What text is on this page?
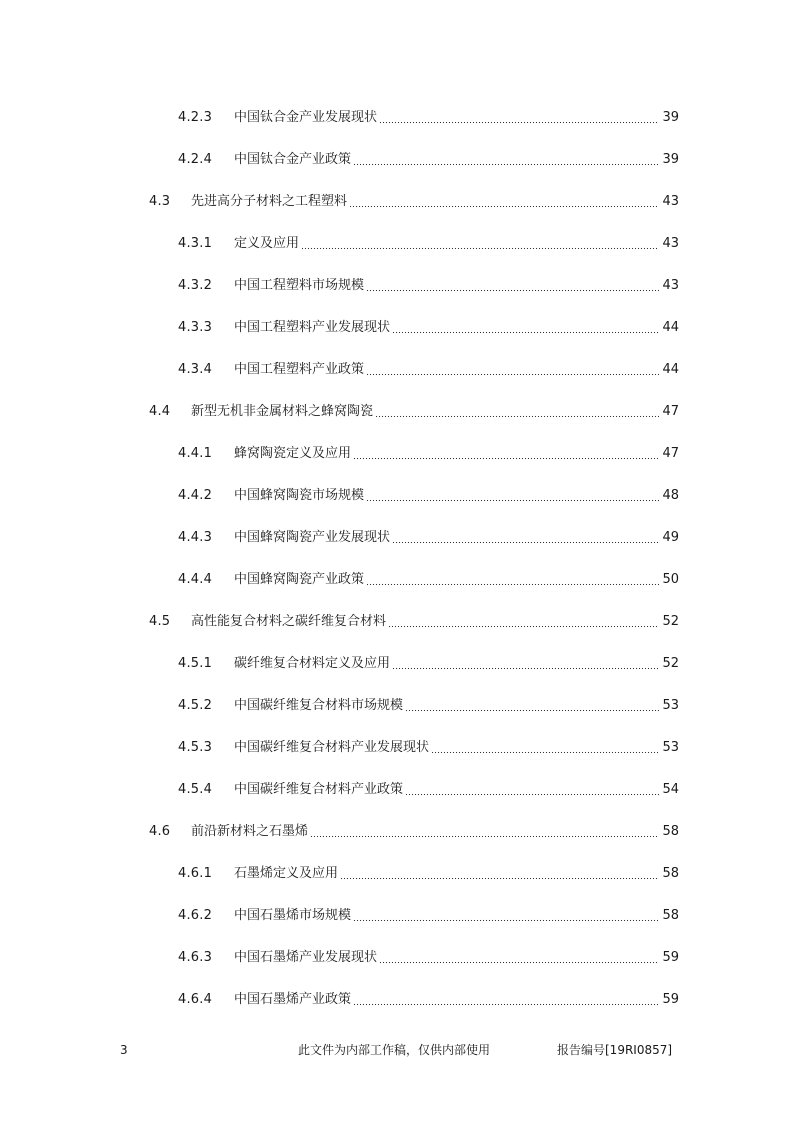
4.2.3	中国钛合金产业发展现状	39
4.2.4	中国钛合金产业政策	39
4.3	先进高分子材料之工程塑料	43
4.3.1	定义及应用	43
4.3.2	中国工程塑料市场规模	43
4.3.3	中国工程塑料产业发展现状	44
4.3.4	中国工程塑料产业政策	44
4.4	新型无机非金属材料之蜂窝陶瓷	47
4.4.1	蜂窝陶瓷定义及应用	47
4.4.2	中国蜂窝陶瓷市场规模	48
4.4.3	中国蜂窝陶瓷产业发展现状	49
4.4.4	中国蜂窝陶瓷产业政策	50
4.5	高性能复合材料之碳纤维复合材料	52
4.5.1	碳纤维复合材料定义及应用	52
4.5.2	中国碳纤维复合材料市场规模	53
4.5.3	中国碳纤维复合材料产业发展现状	53
4.5.4	中国碳纤维复合材料产业政策	54
4.6	前沿新材料之石墨烯	58
4.6.1	石墨烯定义及应用	58
4.6.2	中国石墨烯市场规模	58
4.6.3	中国石墨烯产业发展现状	59
4.6.4	中国石墨烯产业政策	59
3	此文件为内部工作稿，仅供内部使用	报告编号[19RI0857]
